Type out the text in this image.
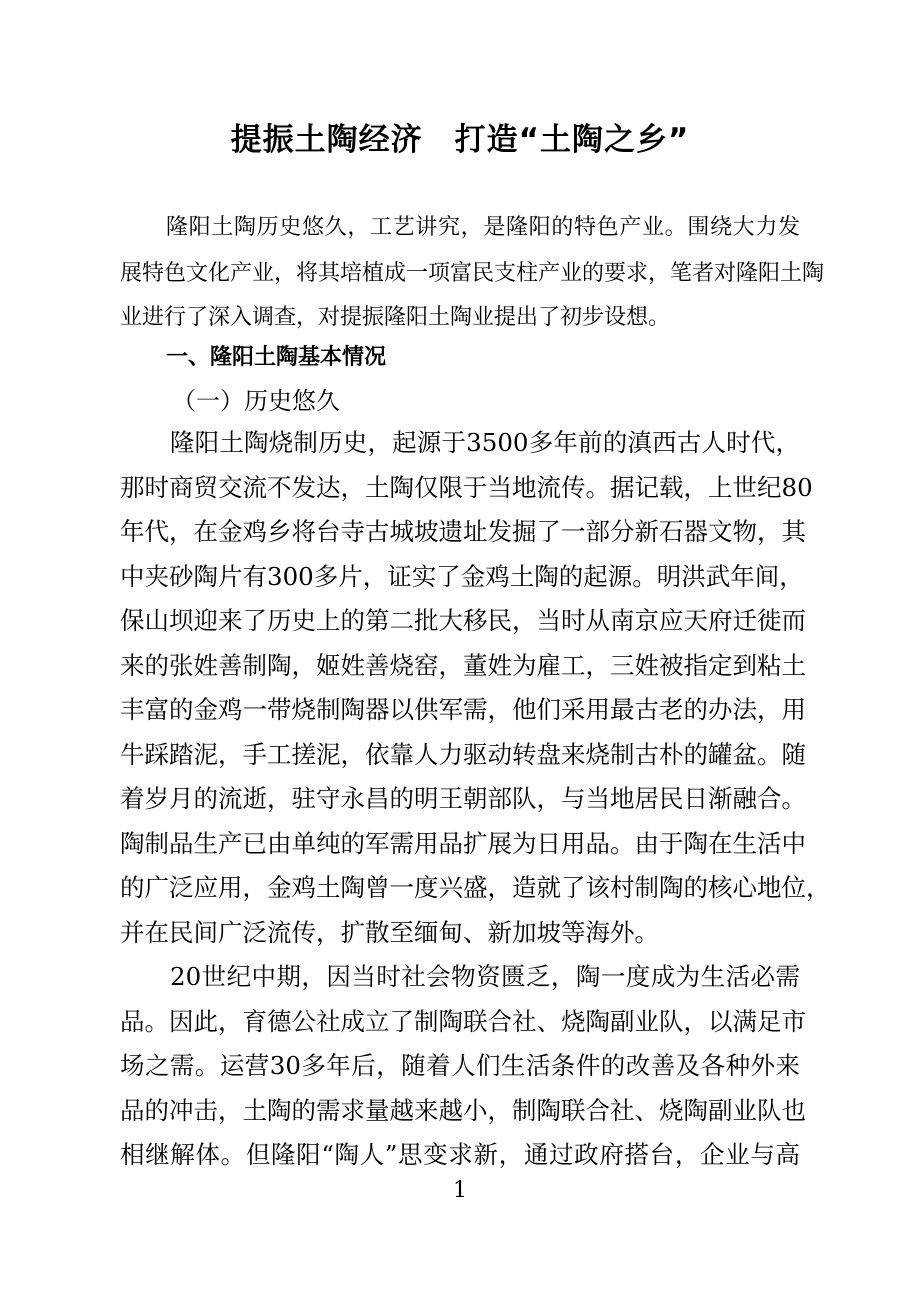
提振土陶经济　打造“土陶之乡”
隆阳土陶历史悠久，工艺讲究，是隆阳的特色产业。围绕大力发
展特色文化产业，将其培植成一项富民支柱产业的要求，笔者对隆阳土陶
业进行了深入调查，对提振隆阳土陶业提出了初步设想。
一、隆阳土陶基本情况
（一）历史悠久
隆阳土陶烧制历史，起源于3500多年前的滇西古人时代，
那时商贸交流不发达，土陶仅限于当地流传。据记载，上世纪80
年代，在金鸡乡将台寺古城坡遗址发掘了一部分新石器文物，其
中夹砂陶片有300多片，证实了金鸡土陶的起源。明洪武年间，
保山坝迎来了历史上的第二批大移民，当时从南京应天府迁徙而
来的张姓善制陶，姬姓善烧窑，董姓为雇工，三姓被指定到粘土
丰富的金鸡一带烧制陶器以供军需，他们采用最古老的办法，用
牛踩踏泥，手工搓泥，依靠人力驱动转盘来烧制古朴的罐盆。随
着岁月的流逝，驻守永昌的明王朝部队，与当地居民日渐融合。
陶制品生产已由单纯的军需用品扩展为日用品。由于陶在生活中
的广泛应用，金鸡土陶曾一度兴盛，造就了该村制陶的核心地位，
并在民间广泛流传，扩散至缅甸、新加坡等海外。
20世纪中期，因当时社会物资匮乏，陶一度成为生活必需
品。因此，育德公社成立了制陶联合社、烧陶副业队，以满足市
场之需。运营30多年后，随着人们生活条件的改善及各种外来
品的冲击，土陶的需求量越来越小，制陶联合社、烧陶副业队也
相继解体。但隆阳“陶人”思变求新，通过政府搭台，企业与高
1
